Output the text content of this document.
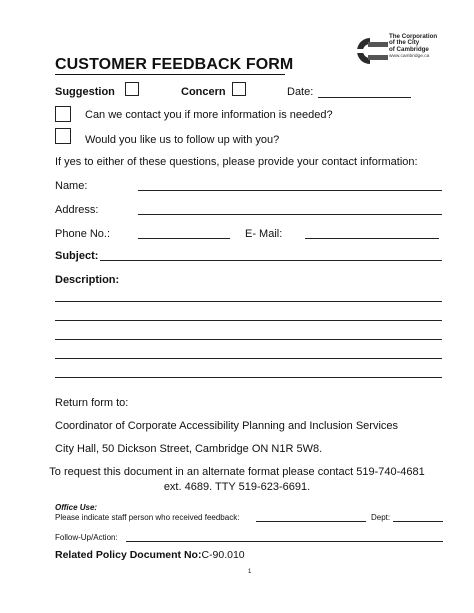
The Corporation
of the City
of Cambridge
www.cambridge.ca
CUSTOMER FEEDBACK FORM
Suggestion	Concern	Date:
Can we contact you if more information is needed?
Would you like us to follow up with you?
If yes to either of these questions, please provide your contact information:
Name:
Address:
Phone No.:	E- Mail:
Subject:
Description:
Return form to:
Coordinator of Corporate Accessibility Planning and Inclusion Services
City Hall, 50 Dickson Street, Cambridge ON N1R 5W8.
To request this document in an alternate format please contact 519-740-4681
ext. 4689. TTY 519-623-6691.
Office Use:
Please indicate staff person who received feedback:	Dept:
Follow-Up/Action:
Related Policy Document No:C-90.010
1
